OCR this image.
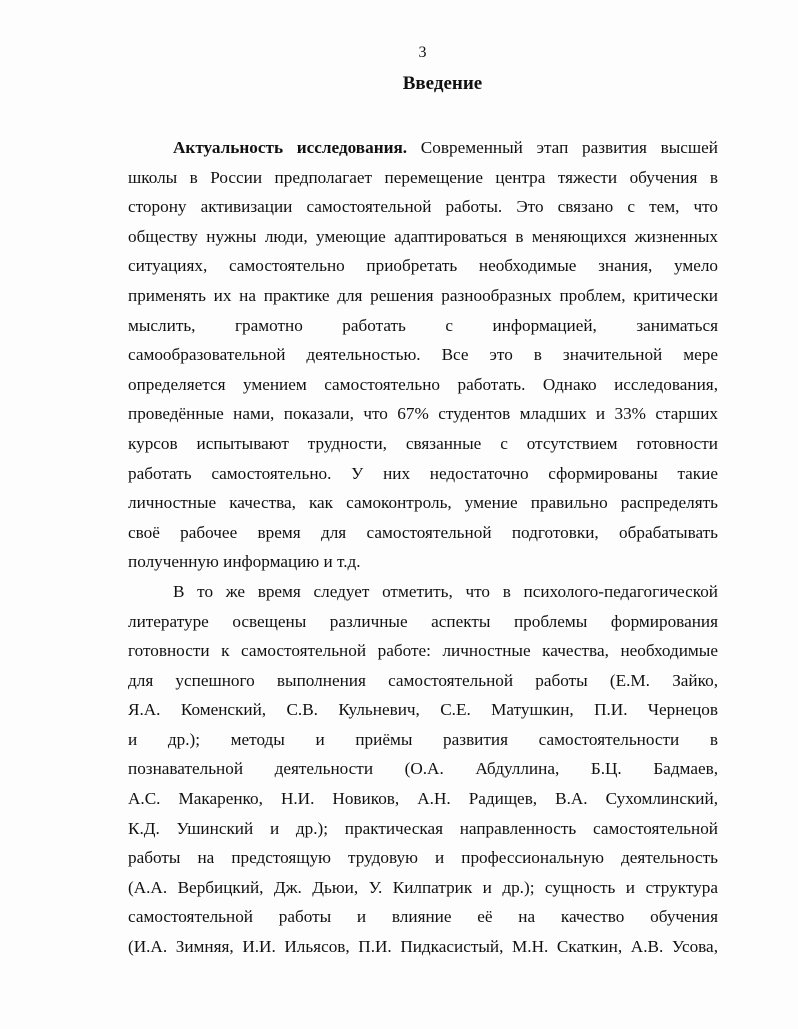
3
Введение
Актуальность исследования. Современный этап развития высшей
школы в России предполагает перемещение центра тяжести обучения в
сторону активизации самостоятельной работы. Это связано с тем, что
обществу нужны люди, умеющие адаптироваться в меняющихся жизненных
ситуациях, самостоятельно приобретать необходимые знания, умело
применять их на практике для решения разнообразных проблем, критически
мыслить, грамотно работать с информацией, заниматься
самообразовательной деятельностью. Все это в значительной мере
определяется умением самостоятельно работать. Однако исследования,
проведённые нами, показали, что 67% студентов младших и 33% старших
курсов испытывают трудности, связанные с отсутствием готовности
работать самостоятельно. У них недостаточно сформированы такие
личностные качества, как самоконтроль, умение правильно распределять
своё рабочее время для самостоятельной подготовки, обрабатывать
полученную информацию и т.д.
В то же время следует отметить, что в психолого-педагогической
литературе освещены различные аспекты проблемы формирования
готовности к самостоятельной работе: личностные качества, необходимые
для успешного выполнения самостоятельной работы (Е.М. Зайко,
Я.А. Коменский, С.В. Кульневич, С.Е. Матушкин, П.И. Чернецов
и др.); методы и приёмы развития самостоятельности в
познавательной деятельности (О.А. Абдуллина, Б.Ц. Бадмаев,
А.С. Макаренко, Н.И. Новиков, А.Н. Радищев, В.А. Сухомлинский,
К.Д. Ушинский и др.); практическая направленность самостоятельной
работы на предстоящую трудовую и профессиональную деятельность
(А.А. Вербицкий, Дж. Дьюи, У. Килпатрик и др.); сущность и структура
самостоятельной работы и влияние её на качество обучения
(И.А. Зимняя, И.И. Ильясов, П.И. Пидкасистый, М.Н. Скаткин, А.В. Усова,
